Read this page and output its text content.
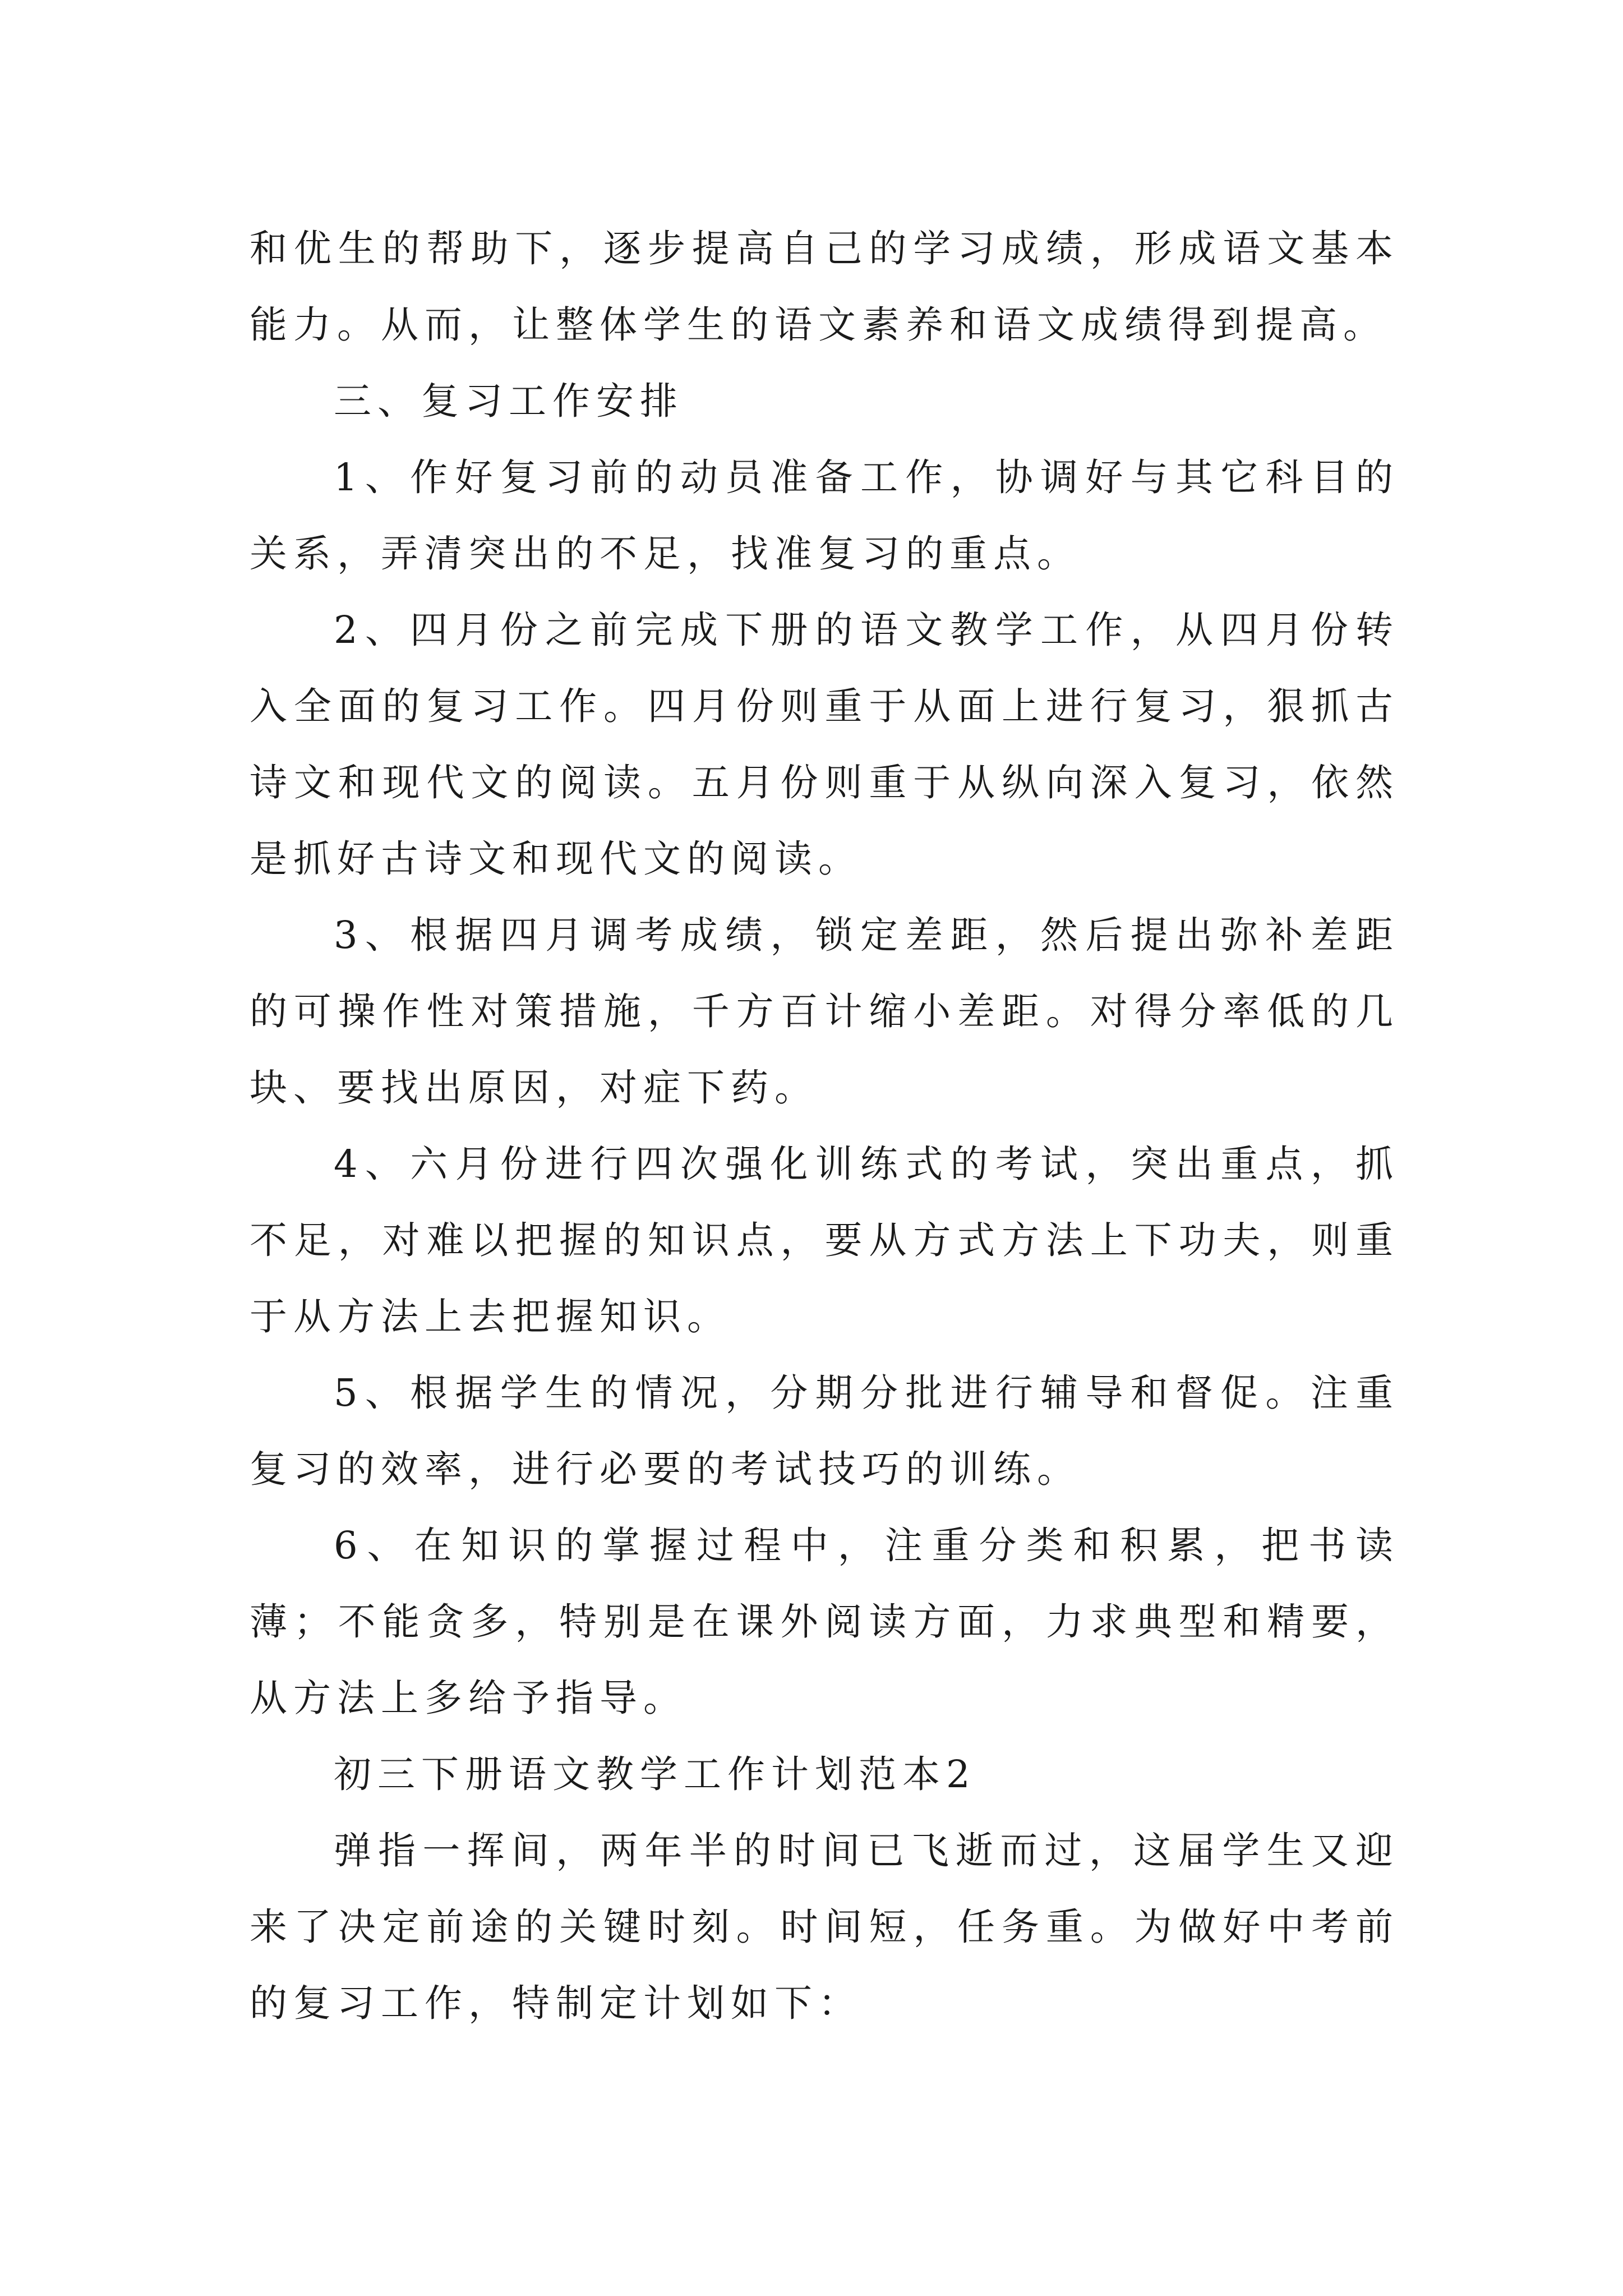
和优生的帮助下，逐步提高自己的学习成绩，形成语文基本能力。从而，让整体学生的语文素养和语文成绩得到提高。

三、复习工作安排

1、作好复习前的动员准备工作，协调好与其它科目的关系，弄清突出的不足，找准复习的重点。

2、四月份之前完成下册的语文教学工作，从四月份转入全面的复习工作。四月份则重于从面上进行复习，狠抓古诗文和现代文的阅读。五月份则重于从纵向深入复习，依然是抓好古诗文和现代文的阅读。

3、根据四月调考成绩，锁定差距，然后提出弥补差距的可操作性对策措施，千方百计缩小差距。对得分率低的几块、要找出原因，对症下药。

4、六月份进行四次强化训练式的考试，突出重点，抓不足，对难以把握的知识点，要从方式方法上下功夫，则重于从方法上去把握知识。

5、根据学生的情况，分期分批进行辅导和督促。注重复习的效率，进行必要的考试技巧的训练。

6、在知识的掌握过程中，注重分类和积累，把书读薄；不能贪多，特别是在课外阅读方面，力求典型和精要，从方法上多给予指导。

初三下册语文教学工作计划范本2

弹指一挥间，两年半的时间已飞逝而过，这届学生又迎来了决定前途的关键时刻。时间短，任务重。为做好中考前的复习工作，特制定计划如下：
